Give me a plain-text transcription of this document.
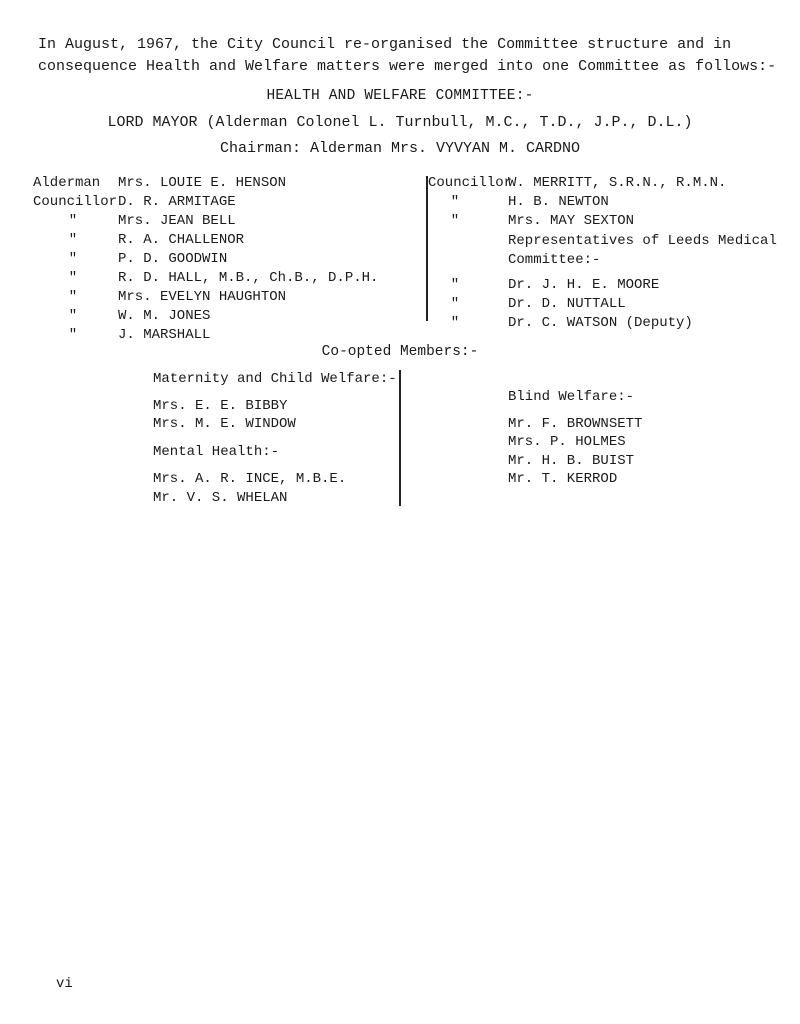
In August, 1967, the City Council re-organised the Committee structure and in
consequence Health and Welfare matters were merged into one Committee as follows:-
HEALTH AND WELFARE COMMITTEE:-
LORD MAYOR (Alderman Colonel L. Turnbull, M.C., T.D., J.P., D.L.)
Chairman: Alderman Mrs. VYVYAN M. CARDNO
Alderman
Councillor
"
"
"
"
"
"
"
Mrs. LOUIE E. HENSON
D. R. ARMITAGE
Mrs. JEAN BELL
R. A. CHALLENOR
P. D. GOODWIN
R. D. HALL, M.B., Ch.B., D.P.H.
Mrs. EVELYN HAUGHTON
W. M. JONES
J. MARSHALL
Councillor
"
"
W. MERRITT, S.R.N., R.M.N.
H. B. NEWTON
Mrs. MAY SEXTON
Representatives of Leeds Medical
Committee:-
"
"
"
Dr. J. H. E. MOORE
Dr. D. NUTTALL
Dr. C. WATSON (Deputy)
Co-opted Members:-
Maternity and Child Welfare:-
Mrs. E. E. BIBBY
Mrs. M. E. WINDOW
Mental Health:-
Mrs. A. R. INCE, M.B.E.
Mr. V. S. WHELAN
Blind Welfare:-
Mr. F. BROWNSETT
Mrs. P. HOLMES
Mr. H. B. BUIST
Mr. T. KERROD
vi
